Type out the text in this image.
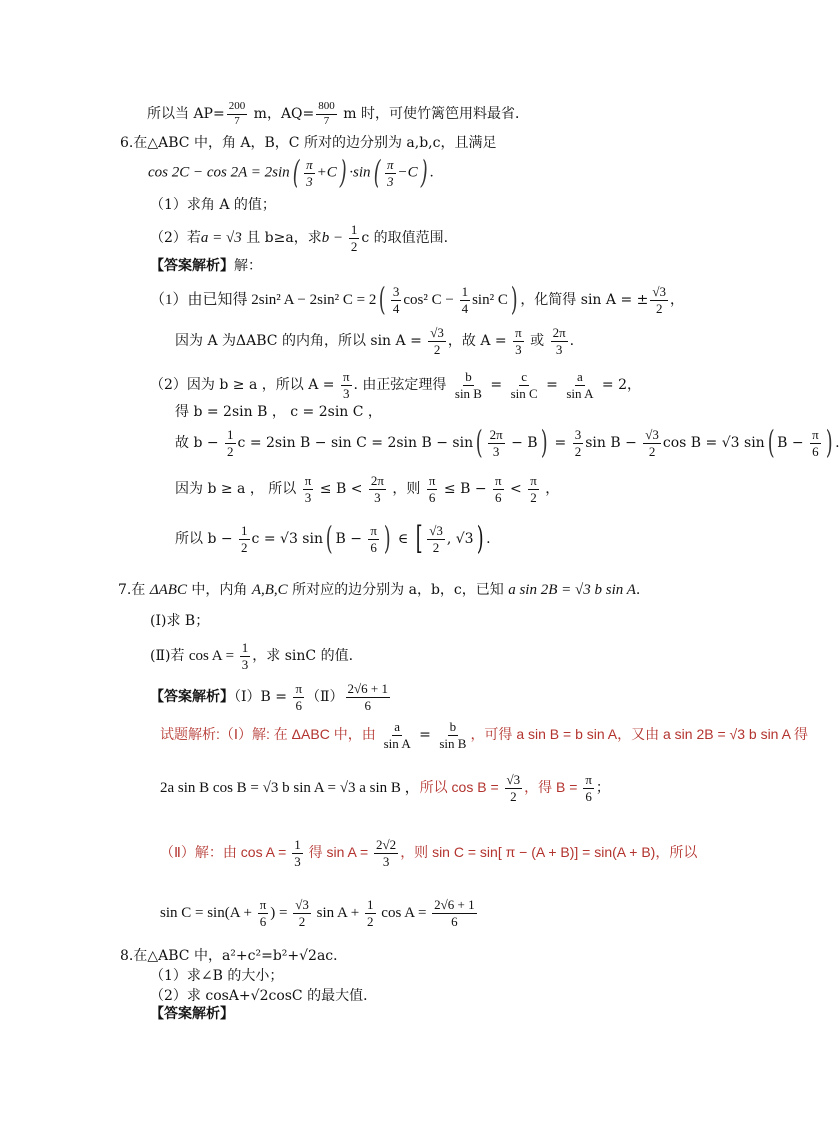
所以当 $AP= \frac{200}{7}$ m，$AQ= \frac{800}{7}$ m 时，可使竹篱笆用料最省．
6.在△ABC 中，角 A，B，C 所对的边分别为 a,b,c，且满足
$\cos 2C - \cos 2A = 2\sin( \frac{\pi}{3} +C) \cdot\sin( \frac{\pi}{3} -C)$ .
（1）求角 A 的值；
（2）若a = √3 且 b≥a，求$b - \frac{1}{2}$ c 的取值范围.
【答案解析】解：
（1）由已知得 2sin² A − 2sin² $C = 2( \frac{3}{4} \cos^2$ $C - \frac{1}{4} \sin^2$ C) ，化简得 sin A = ± $\frac{√3}{2}$ ，
因为 A 为ΔABC 的内角，所以 $\sin A = \frac{√3}{2}$ ，故 $A = \frac{\pi}{3}$ 或 $\frac{2\pi}{3}$ .
（2）因为 b ≥ a ，所以 $A = \frac{\pi}{3}$ . 由正弦定理得 $\frac{b}{\text{sin B}} = \frac{c}{\text{sin C}} = \frac{a}{\text{sin A}} = 2$，
得 b = 2sin B ， c = 2sin C ，
故 $b - \frac{1}{2}$ c = 2sin B − sin C = 2sin $B - \sin( \frac{2\pi}{3} - B) = \frac{3}{2}$ $\sin B - \frac{√3}{2}$ cos B = √3 sin( $B - \frac{\pi}{6}$ ) .
因为 b ≥ a ， 所以 $\frac{\pi}{3} \le B < \frac{2\pi}{3}$ ，则 $\frac{\pi}{6} \le B - \frac{\pi}{6} < \frac{\pi}{2}$ ，
所以 $b - \frac{1}{2}$ c = √3 sin( $B - \frac{\pi}{6}$ ) ∈ [ $\frac{√3}{2}$ , √3) .
7.在 ΔABC 中，内角 A,B,C 所对应的边分别为 a，b，c，已知 a sin 2B = √3 b sin A.
(Ⅰ)求 B；
(Ⅱ)若 $\cos A = \frac{1}{3}$ ，求 sinC 的值.
【答案解析】（Ⅰ）B = $\frac{\pi}{6}$ （Ⅱ） $\frac{2√6 + 1}{6}$
试题解析:（Ⅰ）解: 在 ΔABC 中，由 $\frac{a}{\text{sin A}} = \frac{b}{\text{sin B}}$ ，可得 a sin B = b sin A，又由 a sin 2B = √3 b sin A 得
2a sin B cos B = √3 b sin A = √3 a sin B ，所以 $\cos B = \frac{√3}{2}$ ，得 $B = \frac{\pi}{6}$ ；
（Ⅱ）解：由 $\cos A = \frac{1}{3}$ 得 $\sin A = \frac{2√2}{3}$ ，则 sin C = sin[ π − (A + B)] = sin(A + B)，所以
$\sin C = \sin(A + \frac{\pi}{6}$ ) = $\frac{√3}{2}$ $\sin A + \frac{1}{2}$ $\cos A = \frac{2√6 + 1}{6}$
8.在△ABC 中，a²+c²=b²+√2ac．
（1）求∠B 的大小；
（2）求 cosA+√2cosC 的最大值．
【答案解析】
